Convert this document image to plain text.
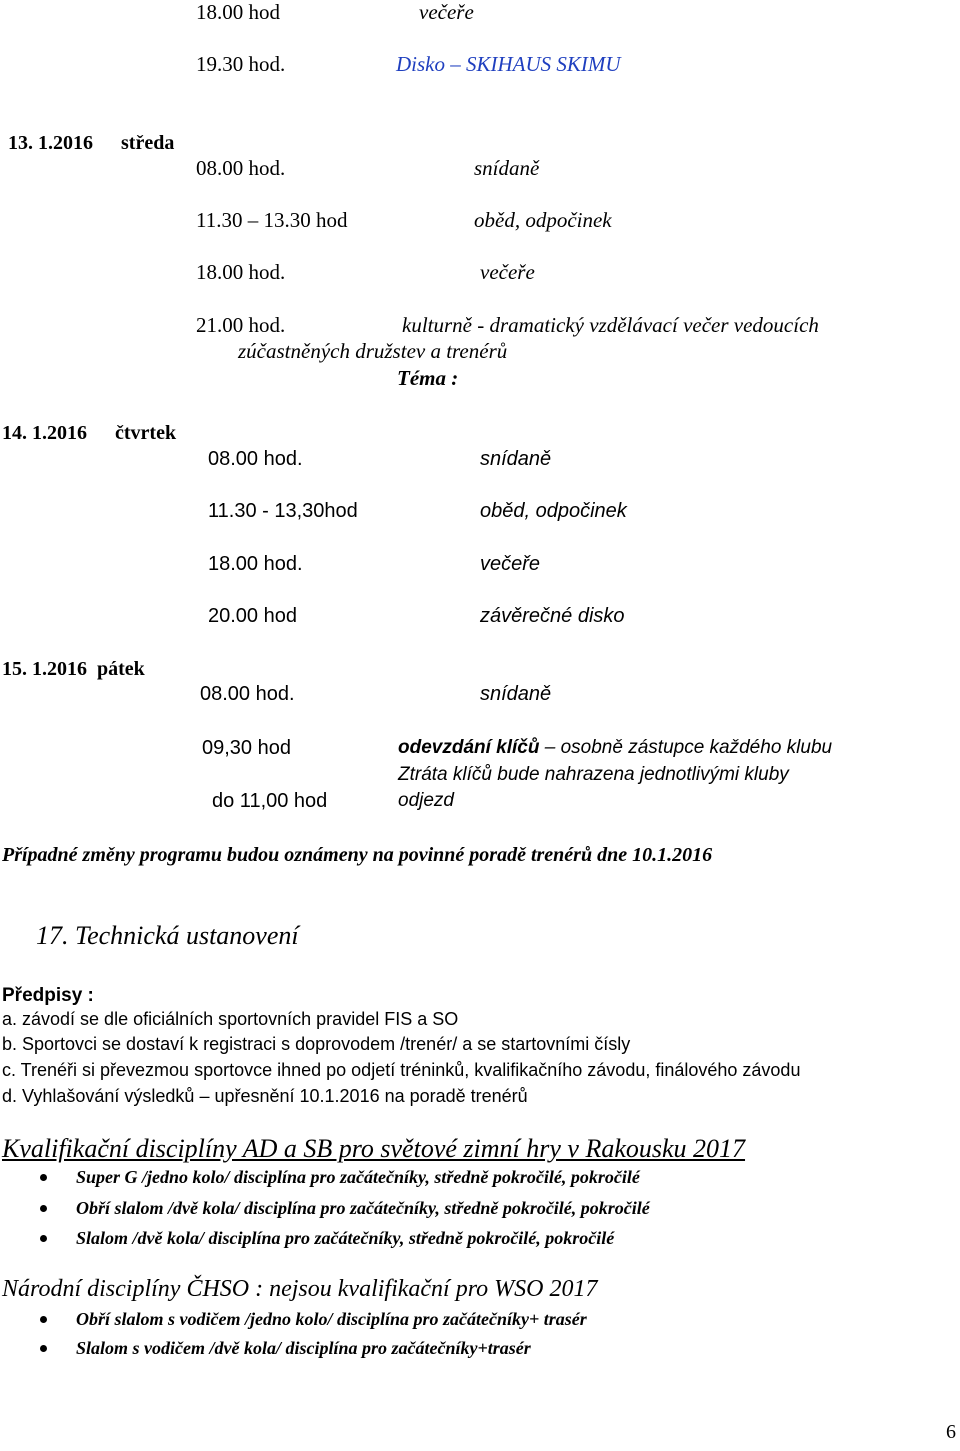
18.00 hod	večeře
19.30 hod.	Disko – SKIHAUS SKIMU
13. 1.2016 středa
08.00 hod.	snídaně
11.30 – 13.30 hod	oběd, odpočinek
18.00 hod.	večeře
21.00 hod.	kulturně - dramatický vzdělávací večer vedoucích
zúčastněných družstev a trenérů
Téma :
14. 1.2016 čtvrtek
08.00 hod.	snídaně
11.30 - 13,30hod	oběd, odpočinek
18.00 hod.	večeře
20.00 hod	závěrečné disko
15. 1.2016 pátek
08.00 hod.	snídaně
09,30 hod	odevzdání klíčů – osobně zástupce každého klubu
Ztráta klíčů bude nahrazena jednotlivými kluby
do 11,00 hod	odjezd
Případné změny programu budou oznámeny na povinné poradě trenérů dne 10.1.2016
17. Technická ustanovení
Předpisy :
a. závodí se dle oficiálních sportovních pravidel FIS a SO
b. Sportovci se dostaví k registraci s doprovodem /trenér/ a se startovními čísly
c. Trenéři si převezmou sportovce ihned po odjetí tréninků, kvalifikačního závodu, finálového závodu
d. Vyhlašování výsledků – upřesnění 10.1.2016 na poradě trenérů
Kvalifikační disciplíny AD a SB pro světové zimní hry v Rakousku 2017
Super G /jedno kolo/ disciplína pro začátečníky, středně pokročilé, pokročilé
Obří slalom /dvě kola/ disciplína pro začátečníky, středně pokročilé, pokročilé
Slalom /dvě kola/ disciplína pro začátečníky, středně pokročilé, pokročilé
Národní disciplíny ČHSO : nejsou kvalifikační pro WSO 2017
Obří slalom s vodičem /jedno kolo/ disciplína pro začátečníky+ trasér
Slalom s vodičem /dvě kola/ disciplína pro začátečníky+trasér
6
